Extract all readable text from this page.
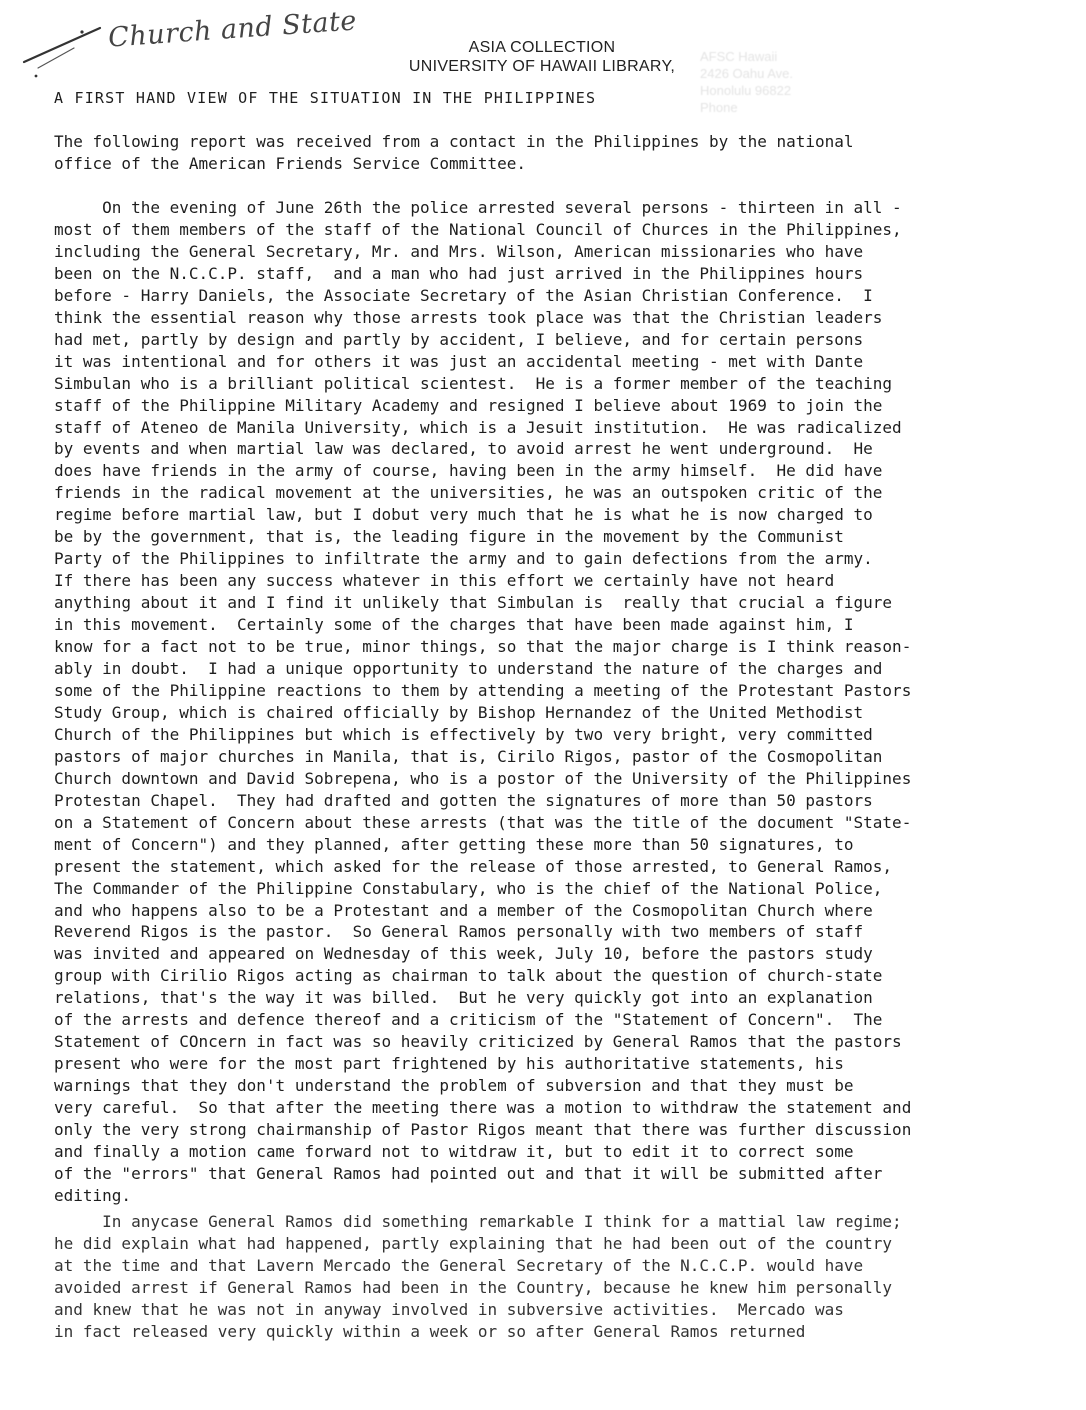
Church and State	ASIA COLLECTION
UNIVERSITY OF HAWAII LIBRARY,
AFSC Hawaii
2426 Oahu Ave.
Honolulu 96822
Phone
A FIRST HAND VIEW OF THE SITUATION IN THE PHILIPPINES
The following report was received from a contact in the Philippines by the national
office of the American Friends Service Committee.
On the evening of June 26th the police arrested several persons - thirteen in all -
most of them members of the staff of the National Council of Churces in the Philippines,
including the General Secretary, Mr. and Mrs. Wilson, American missionaries who have
been on the N.C.C.P. staff,  and a man who had just arrived in the Philippines hours
before - Harry Daniels, the Associate Secretary of the Asian Christian Conference.  I
think the essential reason why those arrests took place was that the Christian leaders
had met, partly by design and partly by accident, I believe, and for certain persons
it was intentional and for others it was just an accidental meeting - met with Dante
Simbulan who is a brilliant political scientest.  He is a former member of the teaching
staff of the Philippine Military Academy and resigned I believe about 1969 to join the
staff of Ateneo de Manila University, which is a Jesuit institution.  He was radicalized
by events and when martial law was declared, to avoid arrest he went underground.  He
does have friends in the army of course, having been in the army himself.  He did have
friends in the radical movement at the universities, he was an outspoken critic of the
regime before martial law, but I dobut very much that he is what he is now charged to
be by the government, that is, the leading figure in the movement by the Communist
Party of the Philippines to infiltrate the army and to gain defections from the army.
If there has been any success whatever in this effort we certainly have not heard
anything about it and I find it unlikely that Simbulan is  really that crucial a figure
in this movement.  Certainly some of the charges that have been made against him, I
know for a fact not to be true, minor things, so that the major charge is I think reason-
ably in doubt.  I had a unique opportunity to understand the nature of the charges and
some of the Philippine reactions to them by attending a meeting of the Protestant Pastors
Study Group, which is chaired officially by Bishop Hernandez of the United Methodist
Church of the Philippines but which is effectively by two very bright, very committed
pastors of major churches in Manila, that is, Cirilo Rigos, pastor of the Cosmopolitan
Church downtown and David Sobrepena, who is a postor of the University of the Philippines
Protestan Chapel.  They had drafted and gotten the signatures of more than 50 pastors
on a Statement of Concern about these arrests (that was the title of the document "State-
ment of Concern") and they planned, after getting these more than 50 signatures, to
present the statement, which asked for the release of those arrested, to General Ramos,
The Commander of the Philippine Constabulary, who is the chief of the National Police,
and who happens also to be a Protestant and a member of the Cosmopolitan Church where
Reverend Rigos is the pastor.  So General Ramos personally with two members of staff
was invited and appeared on Wednesday of this week, July 10, before the pastors study
group with Cirilio Rigos acting as chairman to talk about the question of church-state
relations, that's the way it was billed.  But he very quickly got into an explanation
of the arrests and defence thereof and a criticism of the "Statement of Concern".  The
Statement of COncern in fact was so heavily criticized by General Ramos that the pastors
present who were for the most part frightened by his authoritative statements, his
warnings that they don't understand the problem of subversion and that they must be
very careful.  So that after the meeting there was a motion to withdraw the statement and
only the very strong chairmanship of Pastor Rigos meant that there was further discussion
and finally a motion came forward not to witdraw it, but to edit it to correct some
of the "errors" that General Ramos had pointed out and that it will be submitted after
editing.
In anycase General Ramos did something remarkable I think for a mattial law regime;
he did explain what had happened, partly explaining that he had been out of the country
at the time and that Lavern Mercado the General Secretary of the N.C.C.P. would have
avoided arrest if General Ramos had been in the Country, because he knew him personally
and knew that he was not in anyway involved in subversive activities.  Mercado was
in fact released very quickly within a week or so after General Ramos returned
